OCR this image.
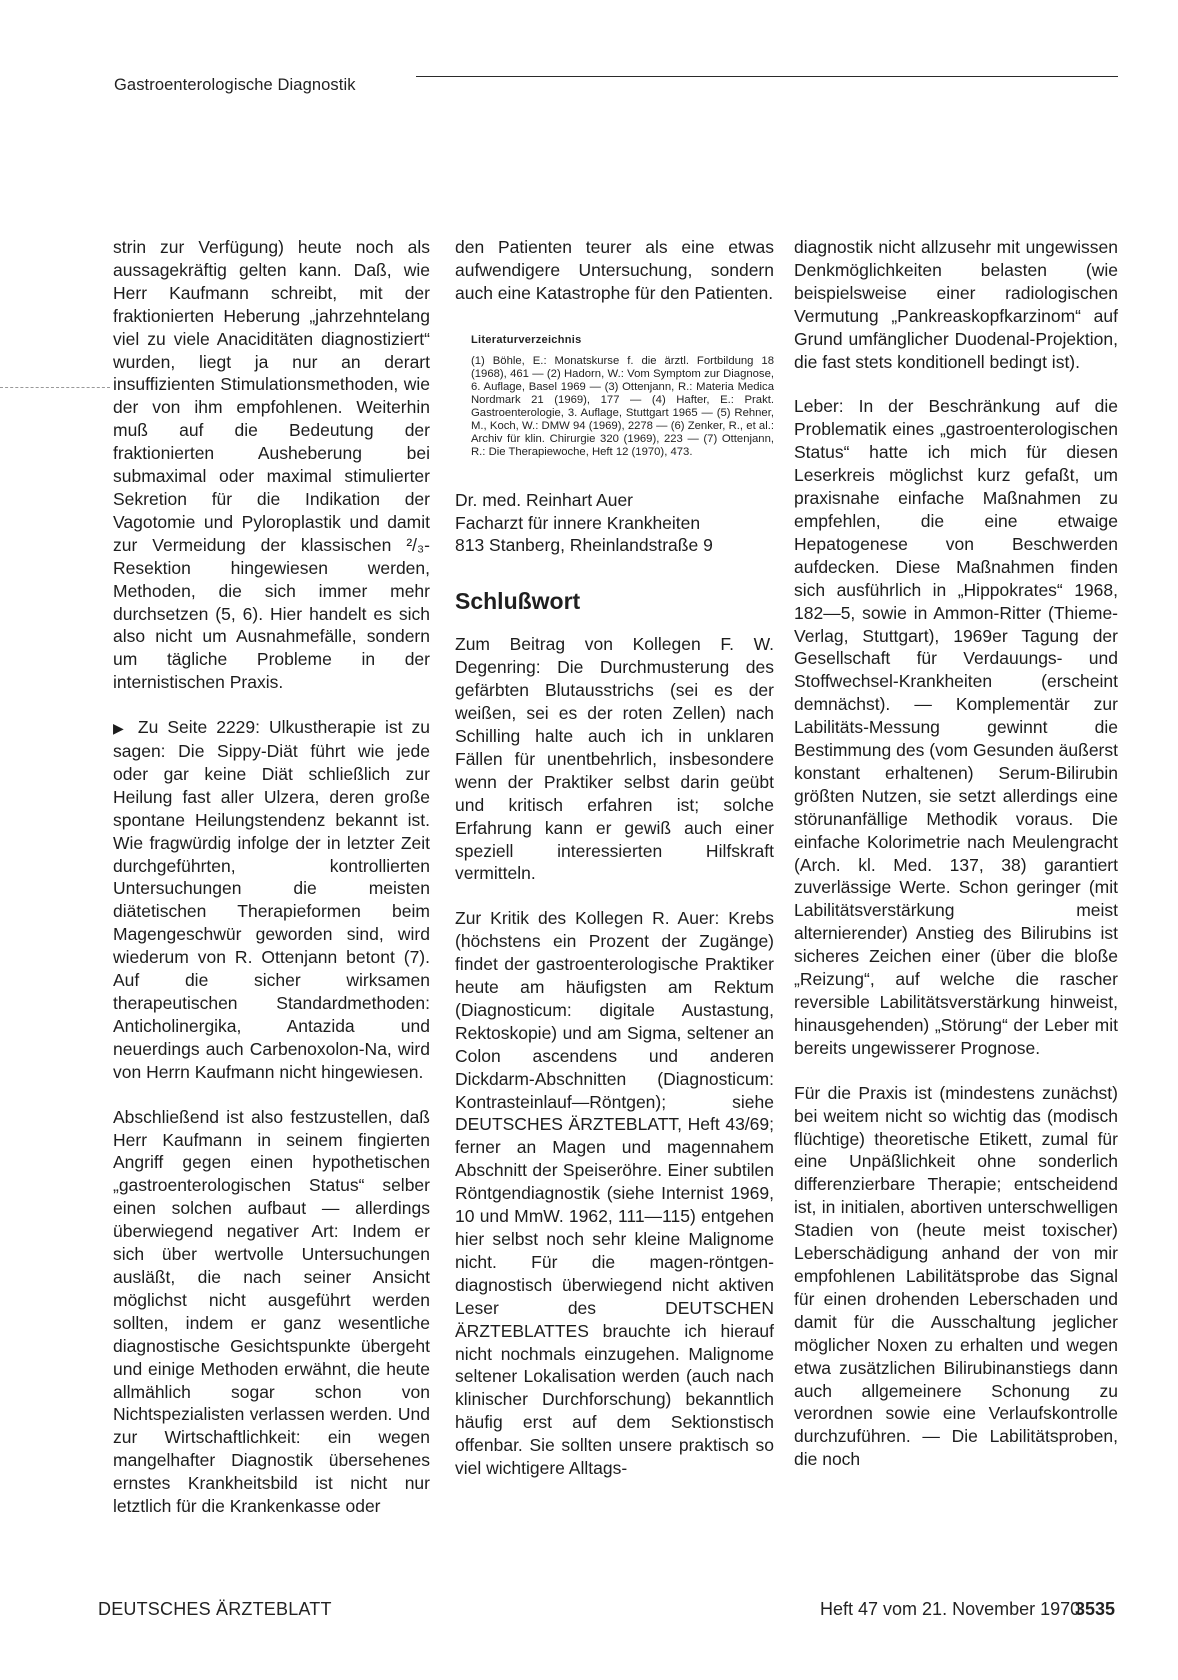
Gastroenterologische Diagnostik

strin zur Verfügung) heute noch als aussagekräftig gelten kann. Daß, wie Herr Kaufmann schreibt, mit der fraktionierten Heberung „jahrzehntelang viel zu viele Anaciditäten diagnostiziert“ wurden, liegt ja nur an derart insuffizienten Stimulationsmethoden, wie der von ihm empfohlenen. Weiterhin muß auf die Bedeutung der fraktionierten Ausheberung bei submaximal oder maximal stimulierter Sekretion für die Indikation der Vagotomie und Pyloroplastik und damit zur Vermeidung der klassischen ²/₃-Resektion hingewiesen werden, Methoden, die sich immer mehr durchsetzen (5, 6). Hier handelt es sich also nicht um Ausnahmefälle, sondern um tägliche Probleme in der internistischen Praxis.

▶ Zu Seite 2229: Ulkustherapie ist zu sagen: Die Sippy-Diät führt wie jede oder gar keine Diät schließlich zur Heilung fast aller Ulzera, deren große spontane Heilungstendenz bekannt ist. Wie fragwürdig infolge der in letzter Zeit durchgeführten, kontrollierten Untersuchungen die meisten diätetischen Therapieformen beim Magengeschwür geworden sind, wird wiederum von R. Ottenjann betont (7). Auf die sicher wirksamen therapeutischen Standardmethoden: Anticholinergika, Antazida und neuerdings auch Carbenoxolon-Na, wird von Herrn Kaufmann nicht hingewiesen.

Abschließend ist also festzustellen, daß Herr Kaufmann in seinem fingierten Angriff gegen einen hypothetischen „gastroenterologischen Status“ selber einen solchen aufbaut — allerdings überwiegend negativer Art: Indem er sich über wertvolle Untersuchungen ausläßt, die nach seiner Ansicht möglichst nicht ausgeführt werden sollten, indem er ganz wesentliche diagnostische Gesichtspunkte übergeht und einige Methoden erwähnt, die heute allmählich sogar schon von Nichtspezialisten verlassen werden. Und zur Wirtschaftlichkeit: ein wegen mangelhafter Diagnostik übersehenes ernstes Krankheitsbild ist nicht nur letztlich für die Krankenkasse oder

den Patienten teurer als eine etwas aufwendigere Untersuchung, sondern auch eine Katastrophe für den Patienten.

Literaturverzeichnis

(1) Böhle, E.: Monatskurse f. die ärztl. Fortbildung 18 (1968), 461 — (2) Hadorn, W.: Vom Symptom zur Diagnose, 6. Auflage, Basel 1969 — (3) Ottenjann, R.: Materia Medica Nordmark 21 (1969), 177 — (4) Hafter, E.: Prakt. Gastroenterologie, 3. Auflage, Stuttgart 1965 — (5) Rehner, M., Koch, W.: DMW 94 (1969), 2278 — (6) Zenker, R., et al.: Archiv für klin. Chirurgie 320 (1969), 223 — (7) Ottenjann, R.: Die Therapiewoche, Heft 12 (1970), 473.

Dr. med. Reinhart Auer
Facharzt für innere Krankheiten
813 Stanberg, Rheinlandstraße 9
Schlußwort

Zum Beitrag von Kollegen F. W. Degenring: Die Durchmusterung des gefärbten Blutausstrichs (sei es der weißen, sei es der roten Zellen) nach Schilling halte auch ich in unklaren Fällen für unentbehrlich, insbesondere wenn der Praktiker selbst darin geübt und kritisch erfahren ist; solche Erfahrung kann er gewiß auch einer speziell interessierten Hilfskraft vermitteln.

Zur Kritik des Kollegen R. Auer: Krebs (höchstens ein Prozent der Zugänge) findet der gastroenterologische Praktiker heute am häufigsten am Rektum (Diagnosticum: digitale Austastung, Rektoskopie) und am Sigma, seltener an Colon ascendens und anderen Dickdarm-Abschnitten (Diagnosticum: Kontrasteinlauf—Röntgen); siehe DEUTSCHES ÄRZTEBLATT, Heft 43/69; ferner an Magen und magennahem Abschnitt der Speiseröhre. Einer subtilen Röntgendiagnostik (siehe Internist 1969, 10 und MmW. 1962, 111—115) entgehen hier selbst noch sehr kleine Malignome nicht. Für die magen-röntgen-diagnostisch überwiegend nicht aktiven Leser des DEUTSCHEN ÄRZTEBLATTES brauchte ich hierauf nicht nochmals einzugehen. Malignome seltener Lokalisation werden (auch nach klinischer Durchforschung) bekanntlich häufig erst auf dem Sektionstisch offenbar. Sie sollten unsere praktisch so viel wichtigere Alltags-

diagnostik nicht allzusehr mit ungewissen Denkmöglichkeiten belasten (wie beispielsweise einer radiologischen Vermutung „Pankreaskopfkarzinom“ auf Grund umfänglicher Duodenal-Projektion, die fast stets konditionell bedingt ist).

Leber: In der Beschränkung auf die Problematik eines „gastroenterologischen Status“ hatte ich mich für diesen Leserkreis möglichst kurz gefaßt, um praxisnahe einfache Maßnahmen zu empfehlen, die eine etwaige Hepatogenese von Beschwerden aufdecken. Diese Maßnahmen finden sich ausführlich in „Hippokrates“ 1968, 182—5, sowie in Ammon-Ritter (Thieme-Verlag, Stuttgart), 1969er Tagung der Gesellschaft für Verdauungs- und Stoffwechsel-Krankheiten (erscheint demnächst). — Komplementär zur Labilitäts-Messung gewinnt die Bestimmung des (vom Gesunden äußerst konstant erhaltenen) Serum-Bilirubin größten Nutzen, sie setzt allerdings eine störunanfällige Methodik voraus. Die einfache Kolorimetrie nach Meulengracht (Arch. kl. Med. 137, 38) garantiert zuverlässige Werte. Schon geringer (mit Labilitätsverstärkung meist alternierender) Anstieg des Bilirubins ist sicheres Zeichen einer (über die bloße „Reizung“, auf welche die rascher reversible Labilitätsverstärkung hinweist, hinausgehenden) „Störung“ der Leber mit bereits ungewisserer Prognose.

Für die Praxis ist (mindestens zunächst) bei weitem nicht so wichtig das (modisch flüchtige) theoretische Etikett, zumal für eine Unpäßlichkeit ohne sonderlich differenzierbare Therapie; entscheidend ist, in initialen, abortiven unterschwelligen Stadien von (heute meist toxischer) Leberschädigung anhand der von mir empfohlenen Labilitätsprobe das Signal für einen drohenden Leberschaden und damit für die Ausschaltung jeglicher möglicher Noxen zu erhalten und wegen etwa zusätzlichen Bilirubinanstiegs dann auch allgemeinere Schonung zu verordnen sowie eine Verlaufskontrolle durchzuführen. — Die Labilitätsproben, die noch

DEUTSCHES ÄRZTEBLATT	Heft 47 vom 21. November 1970
3535
